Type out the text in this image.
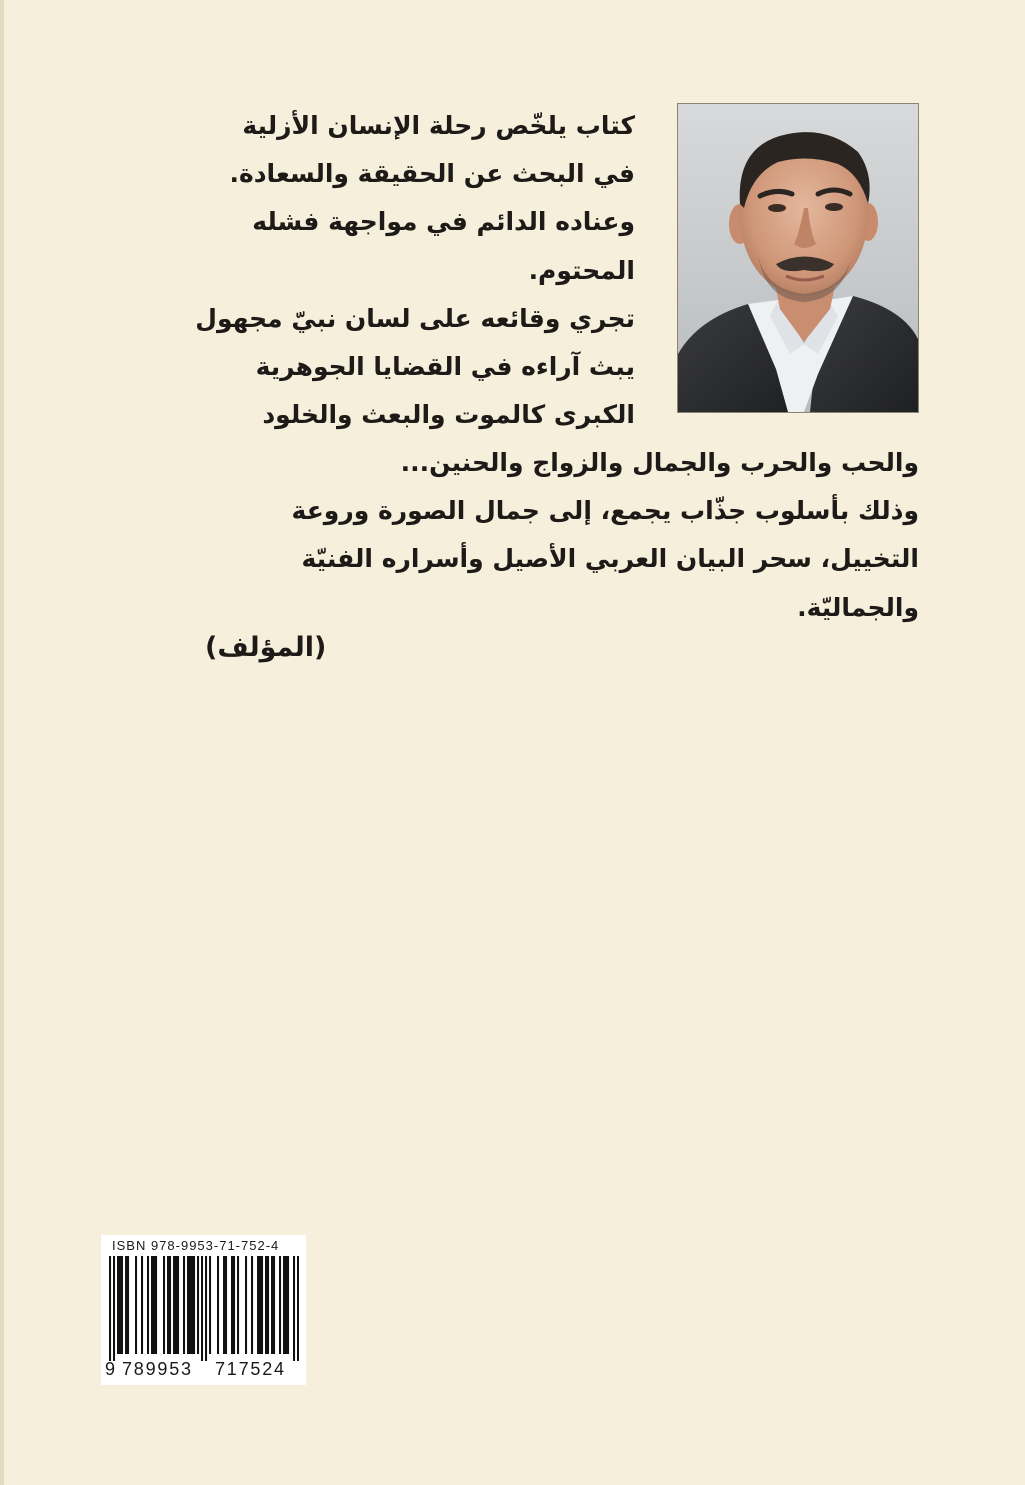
كتاب يلخّص رحلة الإنسان الأزلية
في البحث عن الحقيقة والسعادة.
وعناده الدائم في مواجهة فشله
المحتوم.
تجري وقائعه على لسان نبيّ مجهول
يبث آراءه في القضايا الجوهرية
الكبرى كالموت والبعث والخلود
والحب والحرب والجمال والزواج والحنين...
وذلك بأسلوب جذّاب يجمع، إلى جمال الصورة وروعة
التخييل، سحر البيان العربي الأصيل وأسراره الفنيّة
والجماليّة.
(المؤلف)
ISBN 978-9953-71-752-4
9 789953 717524
